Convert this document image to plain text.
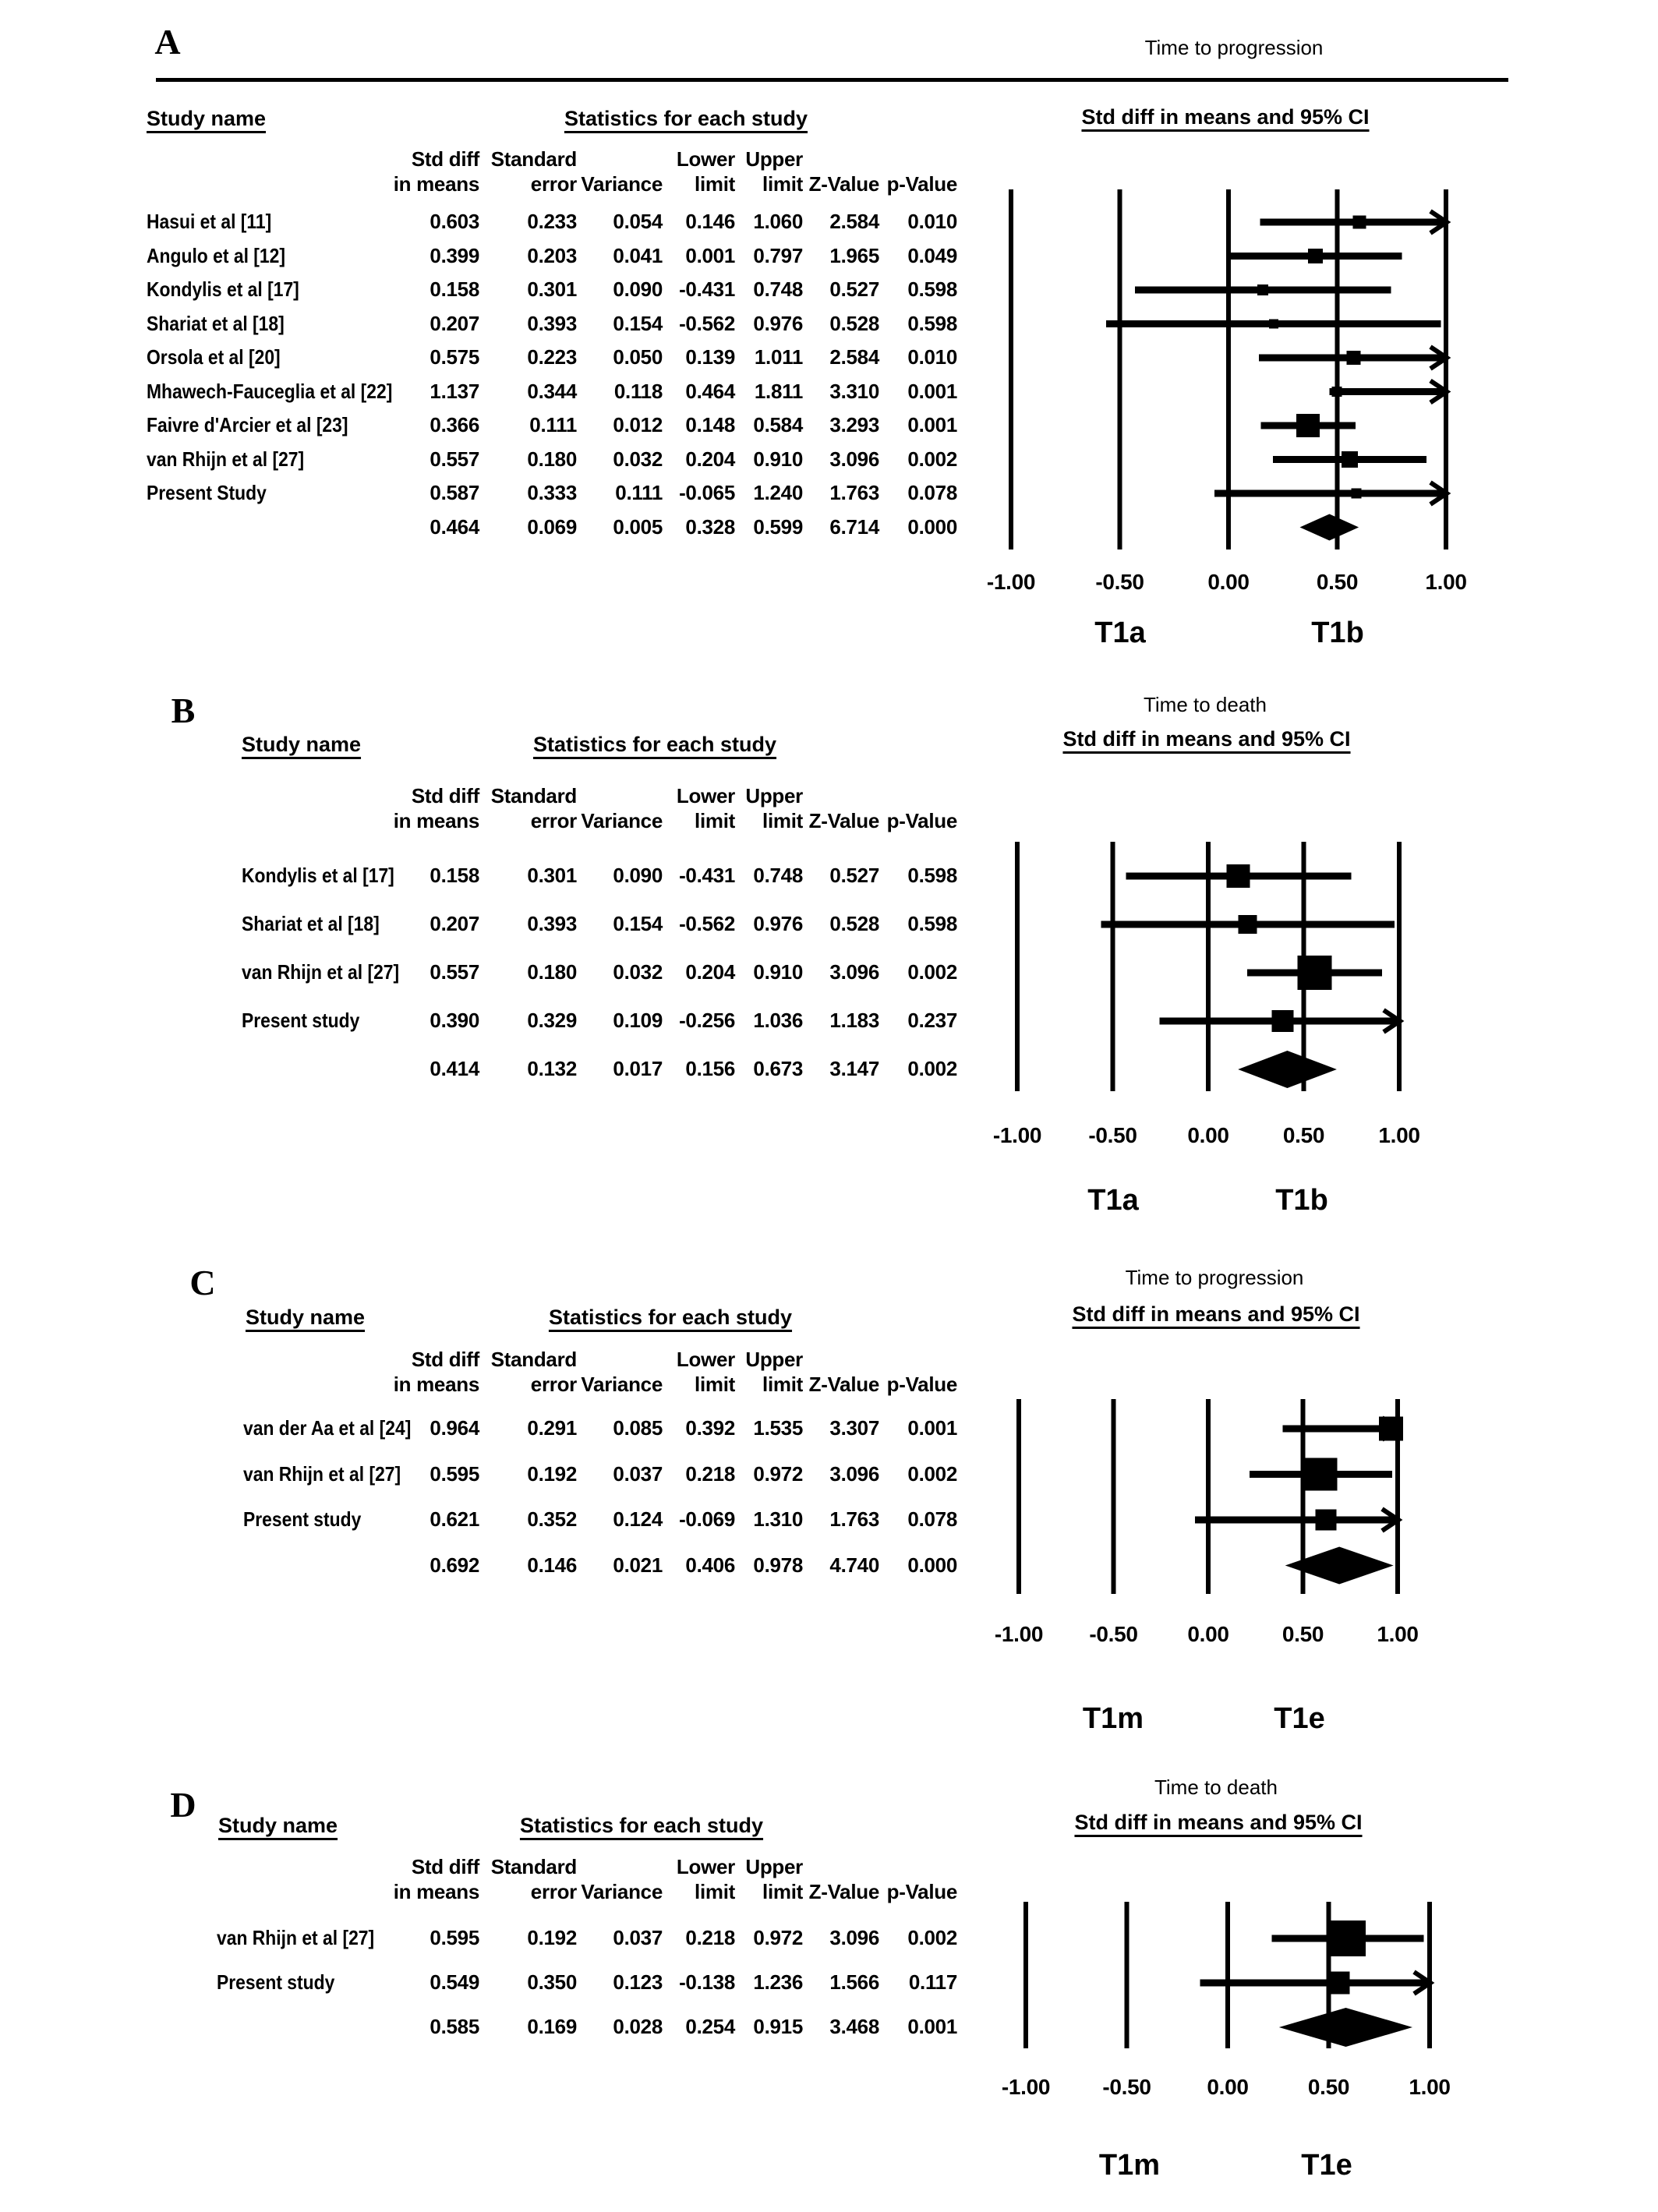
A	Time to progression
Study name	Statistics for each study	Std diff in means and 95% CI
Std diff Standard	Lower Upper
in means	error Variance	limit	limit Z-Value p-Value
Hasui et al [11]	0.603	0.233	0.054	0.146 1.060	2.584	0.010
Angulo et al [12]	0.399	0.203	0.041	0.001 0.797	1.965	0.049
Kondylis et al [17]	0.158	0.301	0.090 -0.431 0.748	0.527	0.598
Shariat et al [18]	0.207	0.393	0.154 -0.562 0.976	0.528	0.598
Orsola et al [20]	0.575	0.223	0.050	0.139 1.011	2.584	0.010
Mhawech-Fauceglia et al [22]	1.137	0.344	0.118	0.464 1.811	3.310	0.001
Faivre d'Arcier et al [23]	0.366	0.111	0.012	0.148 0.584	3.293	0.001
van Rhijn et al [27]	0.557	0.180	0.032	0.204 0.910	3.096	0.002
Present Study	0.587	0.333	0.111 -0.065 1.240	1.763	0.078
0.464	0.069	0.005	0.328 0.599	6.714	0.000
-1.00	-0.50	0.00	0.50	1.00
T1a	T1b
B	Time to death
Study name	Statistics for each study	Std diff in means and 95% CI
Std diff Standard	Lower Upper
in means	error Variance	limit	limit Z-Value p-Value
Kondylis et al [17]	0.158	0.301	0.090 -0.431 0.748	0.527	0.598
Shariat et al [18]	0.207	0.393	0.154 -0.562 0.976	0.528	0.598
van Rhijn et al [27]	0.557	0.180	0.032	0.204 0.910	3.096	0.002
Present study	0.390	0.329	0.109 -0.256 1.036	1.183	0.237
0.414	0.132	0.017	0.156 0.673	3.147	0.002
-1.00	-0.50	0.00	0.50	1.00
T1a	T1b
C	Time to progression
Study name	Statistics for each study	Std diff in means and 95% CI
Std diff Standard	Lower Upper
in means	error Variance	limit	limit Z-Value p-Value
van der Aa et al [24] 0.964	0.291	0.085	0.392 1.535	3.307	0.001
van Rhijn et al [27]	0.595	0.192	0.037	0.218 0.972	3.096	0.002
Present study	0.621	0.352	0.124 -0.069 1.310	1.763	0.078
0.692	0.146	0.021	0.406 0.978	4.740	0.000
-1.00	-0.50	0.00	0.50	1.00
T1m	T1e
D	Time to death
Study name	Statistics for each study	Std diff in means and 95% CI
Std diff Standard	Lower Upper
in means	error Variance	limit	limit Z-Value p-Value
van Rhijn et al [27]	0.595	0.192	0.037	0.218 0.972	3.096	0.002
Present study	0.549	0.350	0.123 -0.138 1.236	1.566	0.117
0.585	0.169	0.028	0.254 0.915	3.468	0.001
-1.00	-0.50	0.00	0.50	1.00
T1m	T1e
